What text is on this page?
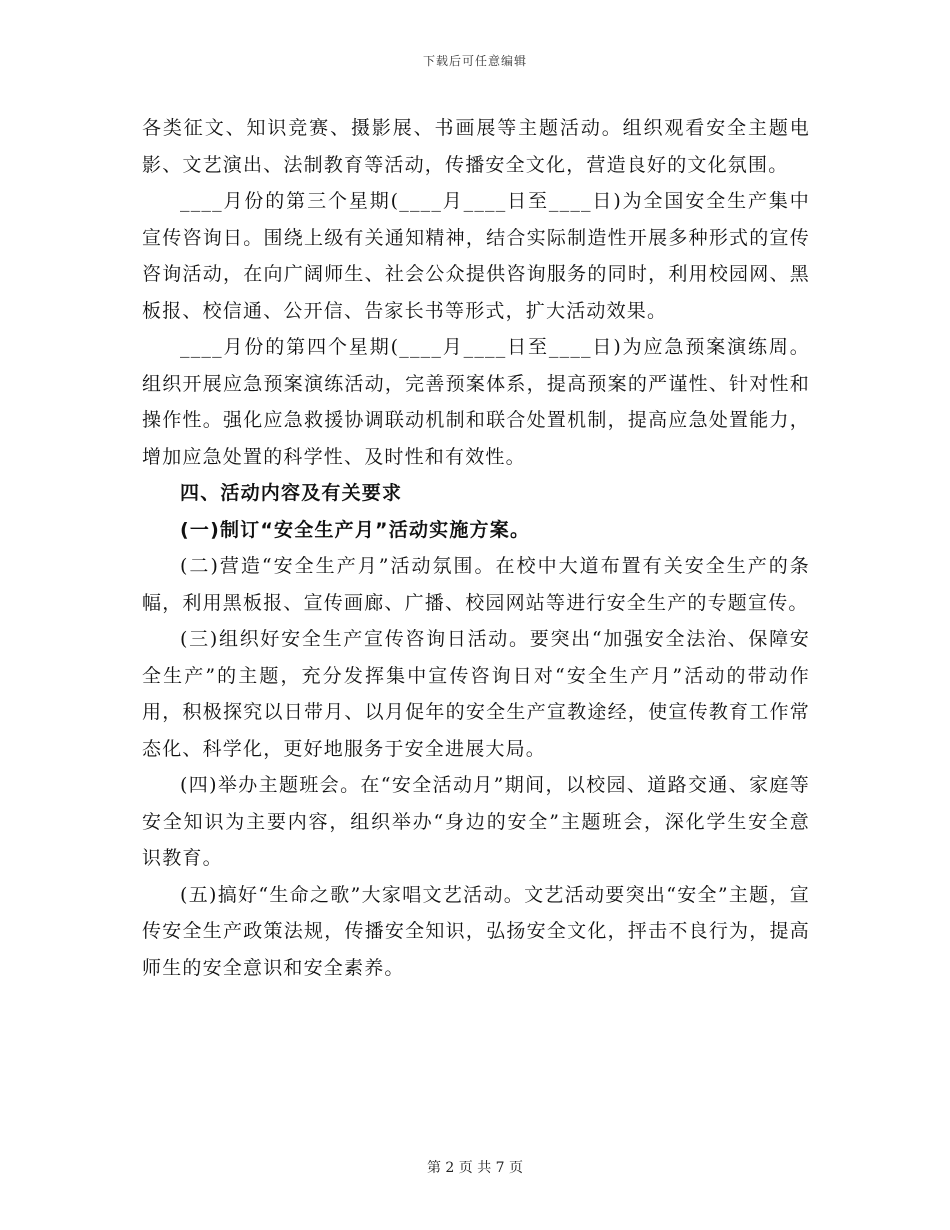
下载后可任意编辑

各类征文、知识竞赛、摄影展、书画展等主题活动。组织观看安全主题电影、文艺演出、法制教育等活动，传播安全文化，营造良好的文化氛围。

____月份的第三个星期(____月____日至____日)为全国安全生产集中宣传咨询日。围绕上级有关通知精神，结合实际制造性开展多种形式的宣传咨询活动，在向广阔师生、社会公众提供咨询服务的同时，利用校园网、黑板报、校信通、公开信、告家长书等形式，扩大活动效果。

____月份的第四个星期(____月____日至____日)为应急预案演练周。组织开展应急预案演练活动，完善预案体系，提高预案的严谨性、针对性和操作性。强化应急救援协调联动机制和联合处置机制，提高应急处置能力，增加应急处置的科学性、及时性和有效性。

四、活动内容及有关要求

(一)制订“安全生产月”活动实施方案。

(二)营造“安全生产月”活动氛围。在校中大道布置有关安全生产的条幅，利用黑板报、宣传画廊、广播、校园网站等进行安全生产的专题宣传。

(三)组织好安全生产宣传咨询日活动。要突出“加强安全法治、保障安全生产”的主题，充分发挥集中宣传咨询日对“安全生产月”活动的带动作用，积极探究以日带月、以月促年的安全生产宣教途经，使宣传教育工作常态化、科学化，更好地服务于安全进展大局。

(四)举办主题班会。在“安全活动月”期间，以校园、道路交通、家庭等安全知识为主要内容，组织举办“身边的安全”主题班会，深化学生安全意识教育。

(五)搞好“生命之歌”大家唱文艺活动。文艺活动要突出“安全”主题，宣传安全生产政策法规，传播安全知识，弘扬安全文化，抨击不良行为，提高师生的安全意识和安全素养。

第 2 页 共 7 页
